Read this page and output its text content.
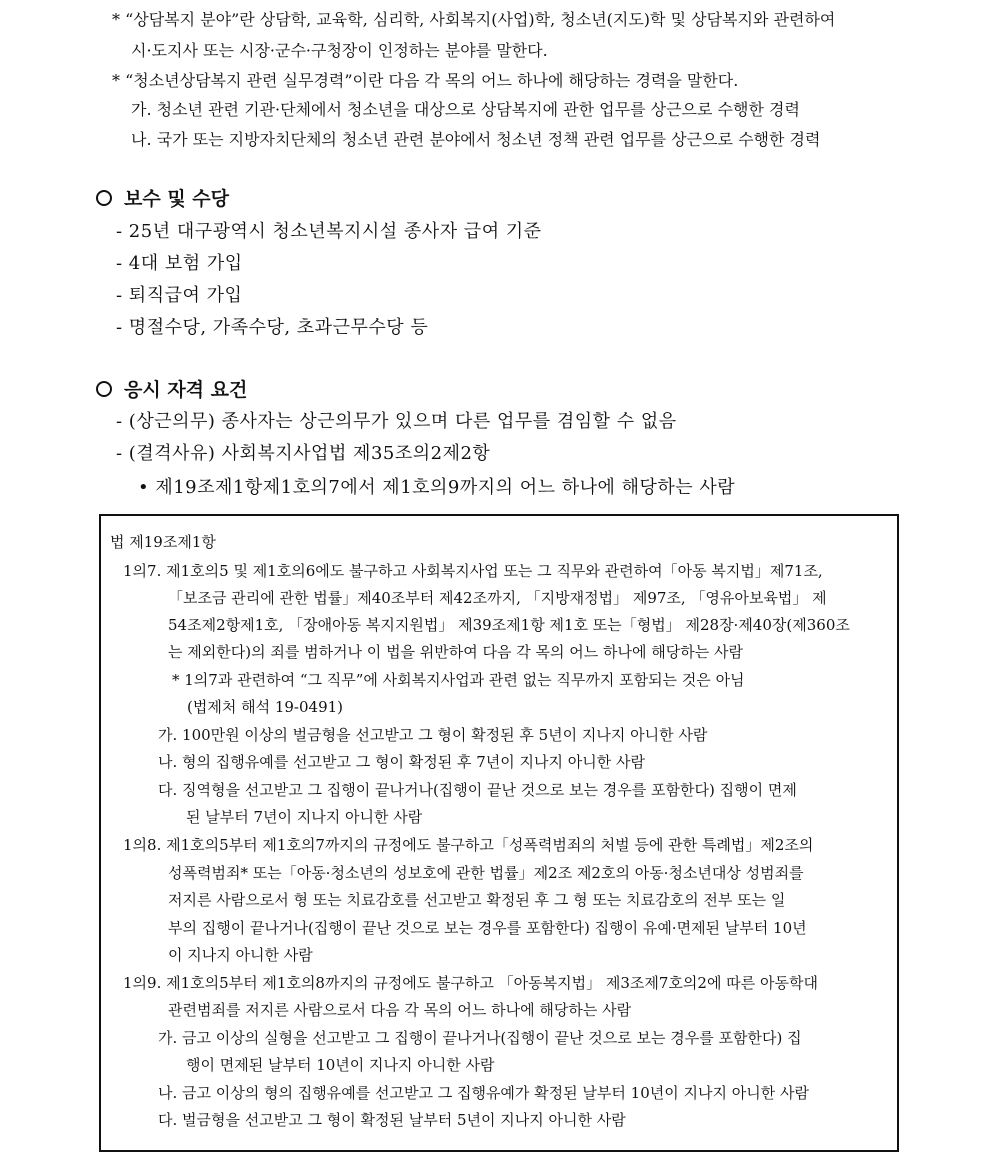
* “상담복지 분야”란 상담학, 교육학, 심리학, 사회복지(사업)학, 청소년(지도)학 및 상담복지와 관련하여
시·도지사 또는 시장·군수·구청장이 인정하는 분야를 말한다.
* “청소년상담복지 관련 실무경력”이란 다음 각 목의 어느 하나에 해당하는 경력을 말한다.
가. 청소년 관련 기관·단체에서 청소년을 대상으로 상담복지에 관한 업무를 상근으로 수행한 경력
나. 국가 또는 지방자치단체의 청소년 관련 분야에서 청소년 정책 관련 업무를 상근으로 수행한 경력
보수 및 수당
- 25년 대구광역시 청소년복지시설 종사자 급여 기준
- 4대 보험 가입
- 퇴직급여 가입
- 명절수당, 가족수당, 초과근무수당 등
응시 자격 요건
- (상근의무) 종사자는 상근의무가 있으며 다른 업무를 겸임할 수 없음
- (결격사유) 사회복지사업법 제35조의2제2항
• 제19조제1항제1호의7에서 제1호의9까지의 어느 하나에 해당하는 사람
법 제19조제1항
1의7. 제1호의5 및 제1호의6에도 불구하고 사회복지사업 또는 그 직무와 관련하여「아동 복지법」제71조,
「보조금 관리에 관한 법률」제40조부터 제42조까지, 「지방재정법」 제97조, 「영유아보육법」 제
54조제2항제1호, 「장애아동 복지지원법」 제39조제1항 제1호 또는「형법」 제28장·제40장(제360조
는 제외한다)의 죄를 범하거나 이 법을 위반하여 다음 각 목의 어느 하나에 해당하는 사람
* 1의7과 관련하여 “그 직무”에 사회복지사업과 관련 없는 직무까지 포함되는 것은 아님
(법제처 해석 19-0491)
가. 100만원 이상의 벌금형을 선고받고 그 형이 확정된 후 5년이 지나지 아니한 사람
나. 형의 집행유예를 선고받고 그 형이 확정된 후 7년이 지나지 아니한 사람
다. 징역형을 선고받고 그 집행이 끝나거나(집행이 끝난 것으로 보는 경우를 포함한다) 집행이 면제
된 날부터 7년이 지나지 아니한 사람
1의8. 제1호의5부터 제1호의7까지의 규정에도 불구하고「성폭력범죄의 처벌 등에 관한 특례법」제2조의
성폭력범죄* 또는「아동·청소년의 성보호에 관한 법률」제2조 제2호의 아동·청소년대상 성범죄를
저지른 사람으로서 형 또는 치료감호를 선고받고 확정된 후 그 형 또는 치료감호의 전부 또는 일
부의 집행이 끝나거나(집행이 끝난 것으로 보는 경우를 포함한다) 집행이 유예·면제된 날부터 10년
이 지나지 아니한 사람
1의9. 제1호의5부터 제1호의8까지의 규정에도 불구하고 「아동복지법」 제3조제7호의2에 따른 아동학대
관련범죄를 저지른 사람으로서 다음 각 목의 어느 하나에 해당하는 사람
가. 금고 이상의 실형을 선고받고 그 집행이 끝나거나(집행이 끝난 것으로 보는 경우를 포함한다) 집
행이 면제된 날부터 10년이 지나지 아니한 사람
나. 금고 이상의 형의 집행유예를 선고받고 그 집행유예가 확정된 날부터 10년이 지나지 아니한 사람
다. 벌금형을 선고받고 그 형이 확정된 날부터 5년이 지나지 아니한 사람
